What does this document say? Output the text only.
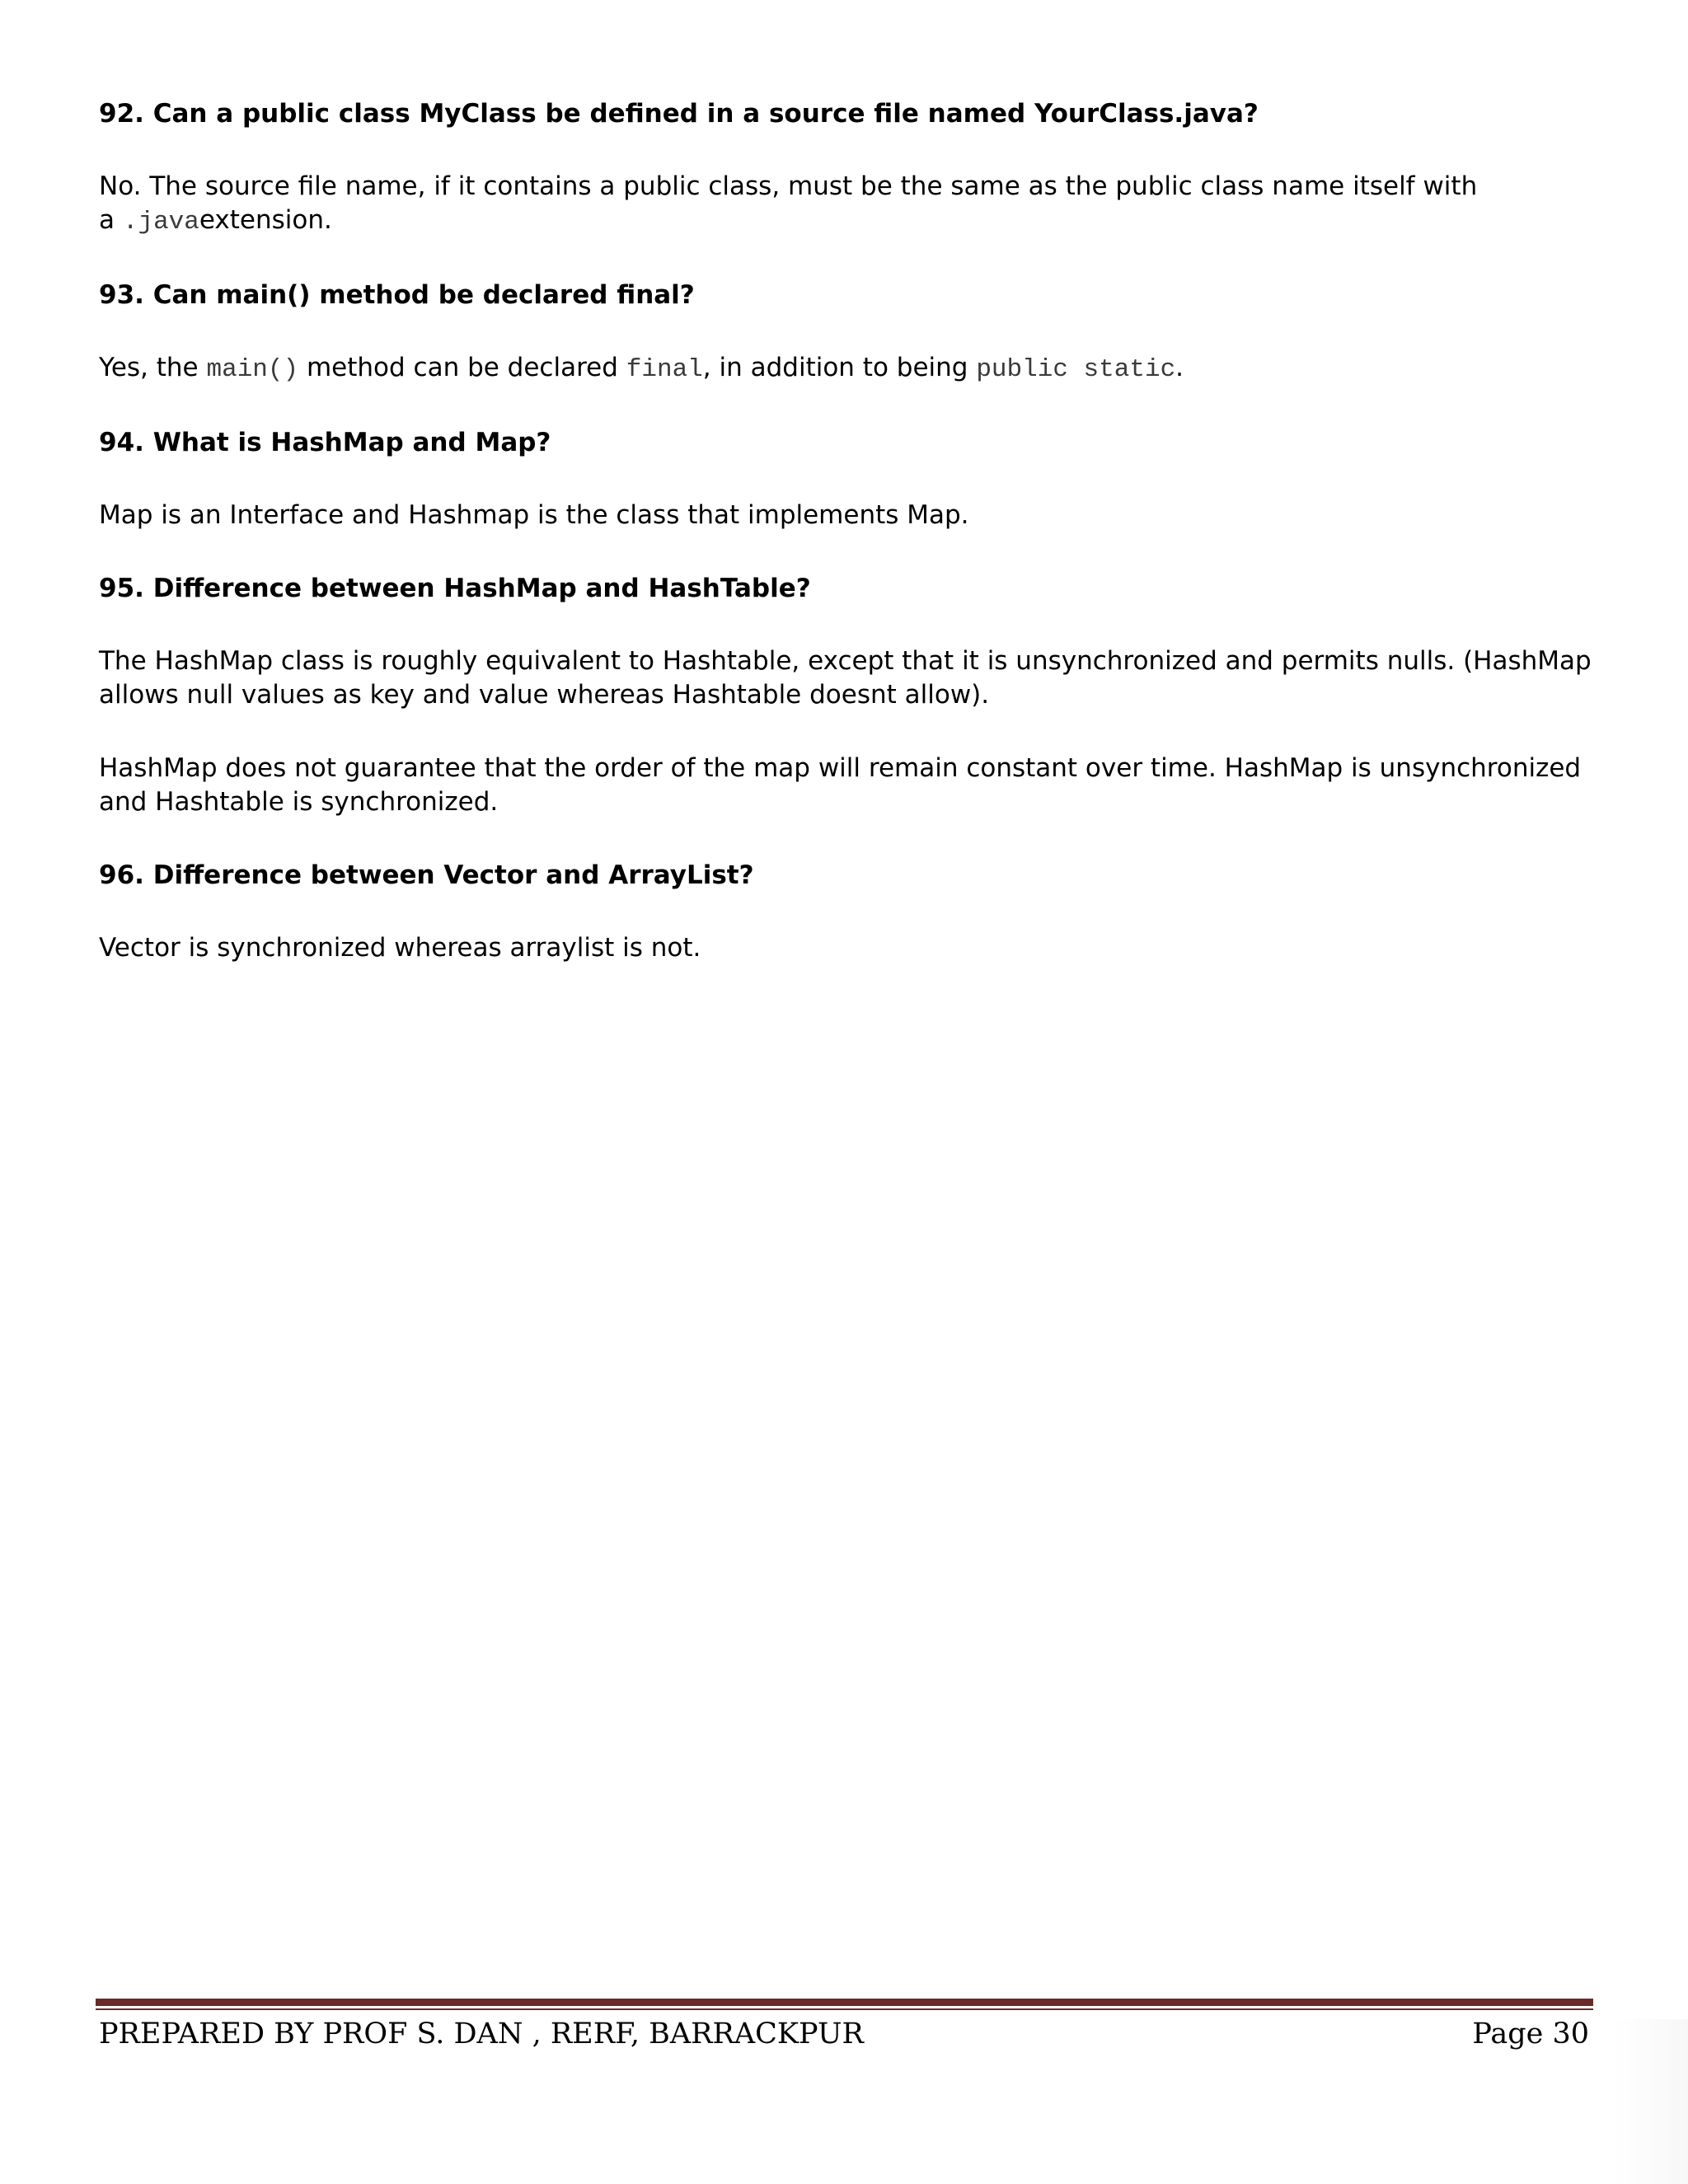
92. Can a public class MyClass be defined in a source file named YourClass.java?

No. The source file name, if it contains a public class, must be the same as the public class name itself with
a .javaextension.

93. Can main() method be declared final?

Yes, the main() method can be declared final, in addition to being public static.

94. What is HashMap and Map?

Map is an Interface and Hashmap is the class that implements Map.

95. Difference between HashMap and HashTable?

The HashMap class is roughly equivalent to Hashtable, except that it is unsynchronized and permits nulls. (HashMap allows null values as key and value whereas Hashtable doesnt allow).

HashMap does not guarantee that the order of the map will remain constant over time. HashMap is unsynchronized and Hashtable is synchronized.

96. Difference between Vector and ArrayList?

Vector is synchronized whereas arraylist is not.

PREPARED BY PROF S. DAN , RERF, BARRACKPUR	Page 30
